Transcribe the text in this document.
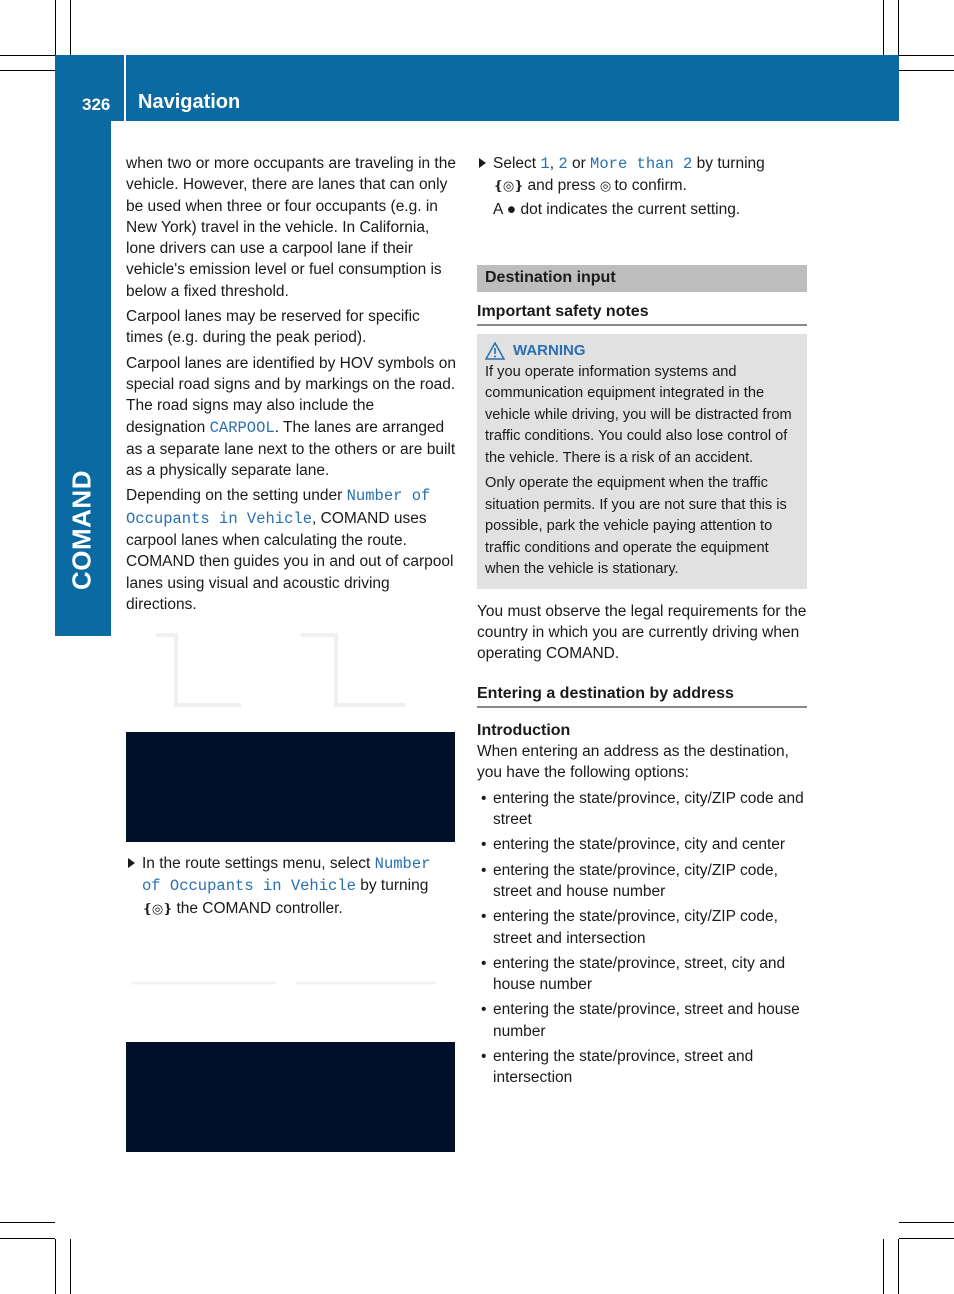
326 Navigation
COMAND

when two or more occupants are traveling in the vehicle. However, there are lanes that can only be used when three or four occupants (e.g. in New York) travel in the vehicle. In California, lone drivers can use a carpool lane if their vehicle's emission level or fuel consumption is below a fixed threshold.

Carpool lanes may be reserved for specific times (e.g. during the peak period).

Carpool lanes are identified by HOV symbols on special road signs and by markings on the road. The road signs may also include the designation CARPOOL. The lanes are arranged as a separate lane next to the others or are built as a physically separate lane.

Depending on the setting under Number of Occupants in Vehicle, COMAND uses carpool lanes when calculating the route. COMAND then guides you in and out of carpool lanes using visual and acoustic driving directions.

In the route settings menu, select Number of Occupants in Vehicle by turning
❴◎❵ the COMAND controller.
Select 1, 2 or More than 2 by turning
❴◎❵ and press ◎ to confirm.
A ● dot indicates the current setting.
Destination input
Important safety notes
WARNING

If you operate information systems and communication equipment integrated in the vehicle while driving, you will be distracted from traffic conditions. You could also lose control of the vehicle. There is a risk of an accident.

Only operate the equipment when the traffic situation permits. If you are not sure that this is possible, park the vehicle paying attention to traffic conditions and operate the equipment when the vehicle is stationary.

You must observe the legal requirements for the country in which you are currently driving when operating COMAND.

Entering a destination by address
Introduction

When entering an address as the destination, you have the following options:

• entering the state/province, city/ZIP code and street
• entering the state/province, city and center
• entering the state/province, city/ZIP code, street and house number
• entering the state/province, city/ZIP code, street and intersection
• entering the state/province, street, city and house number
• entering the state/province, street and house number
• entering the state/province, street and intersection
